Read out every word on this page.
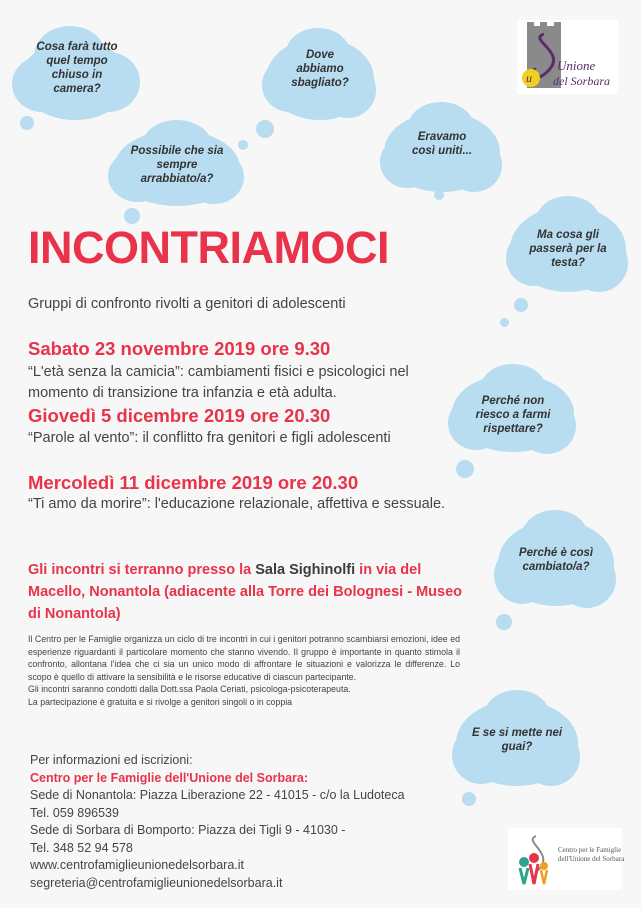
Cosa farà tutto quel tempo chiuso in camera?
Dove abbiamo sbagliato?
Possibile che sia sempre arrabbiato/a?
Eravamo così uniti...
Ma cosa gli passerà per la testa?
Perché non riesco a farmi rispettare?
Perché è così cambiato/a?
E se si mette nei guai?
u
Unione
del Sorbara
INCONTRIAMOCI
Gruppi di confronto rivolti a genitori di adolescenti
Sabato 23 novembre 2019 ore 9.30
“L'età senza la camicia”: cambiamenti fisici e psicologici nel momento di transizione tra infanzia e età adulta.
Giovedì 5 dicembre 2019 ore 20.30
“Parole al vento”: il conflitto fra genitori e figli adolescenti
Mercoledì 11 dicembre 2019 ore 20.30
“Ti amo da morire”: l'educazione relazionale, affettiva e sessuale.
Gli incontri si terranno presso la Sala Sighinolfi in via del Macello, Nonantola (adiacente alla Torre dei Bolognesi - Museo di Nonantola)

Il Centro per le Famiglie organizza un ciclo di tre incontri in cui i genitori potranno scambiarsi emozioni, idee ed esperienze riguardanti il particolare momento che stanno vivendo. Il gruppo è importante in quanto stimola il confronto, allontana l'idea che ci sia un unico modo di affrontare le situazioni e valorizza le differenze. Lo scopo è quello di attivare la sensibilità e le risorse educative di ciascun partecipante.

Gli incontri saranno condotti dalla Dott.ssa Paola Ceriati, psicologa-psicoterapeuta.

La partecipazione è gratuita e si rivolge a genitori singoli o in coppia

Per informazioni ed iscrizioni:
Centro per le Famiglie dell'Unione del Sorbara:
Sede di Nonantola: Piazza Liberazione 22 - 41015 - c/o la Ludoteca
Tel. 059 896539
Sede di Sorbara di Bomporto: Piazza dei Tigli 9 - 41030 -
Tel. 348 52 94 578
www.centrofamiglieunionedelsorbara.it
segreteria@centrofamiglieunionedelsorbara.it
Centro per le Famiglie
dell'Unione del Sorbara
